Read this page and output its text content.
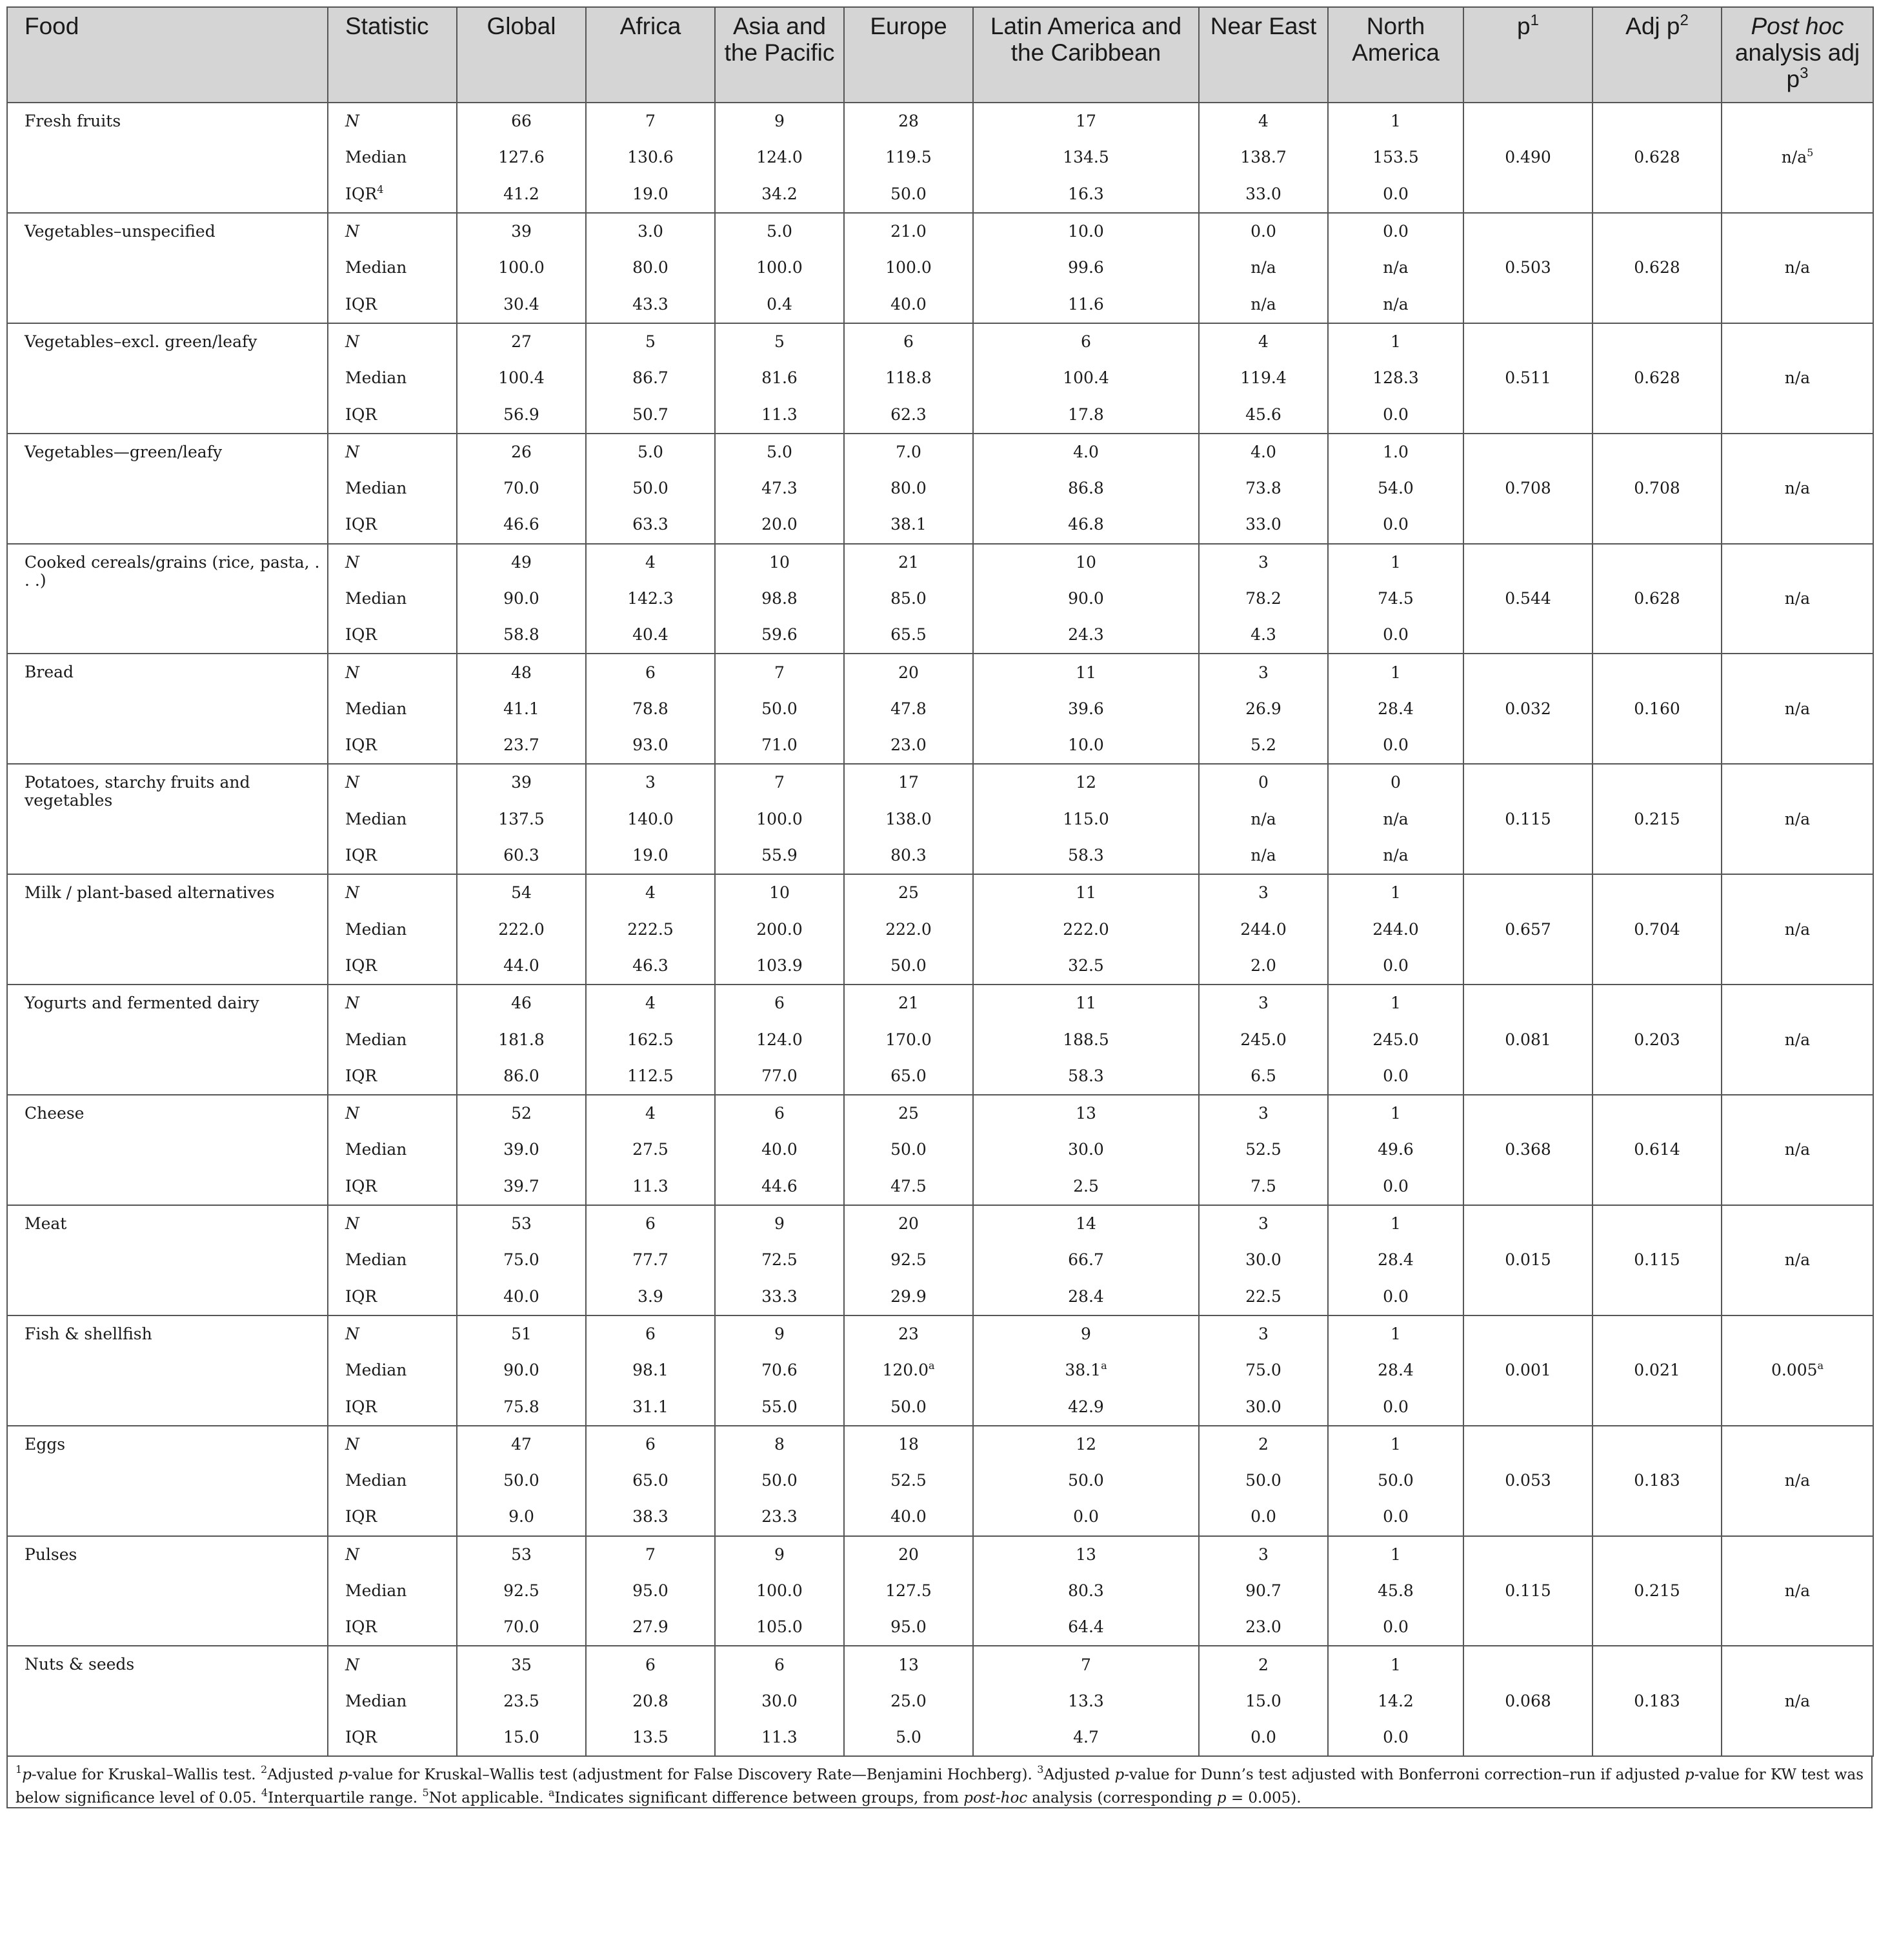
Food	Statistic	Global	Africa	Asia and the Pacific	Europe	Latin America and the Caribbean	Near East	North America	$p^1$	Adj $p^2$	Post hoc analysis adj $p^3$
Fresh fruits	N	66	7	9	28	17	4	1			
	Median	127.6	130.6	124.0	119.5	134.5	138.7	153.5	0.490	0.628	$n/a^5$
	IQR$^4$	41.2	19.0	34.2	50.0	16.3	33.0	0.0			
Vegetables–unspecified	N	39	3.0	5.0	21.0	10.0	0.0	0.0			
	Median	100.0	80.0	100.0	100.0	99.6	n/a	n/a	0.503	0.628	n/a
	IQR	30.4	43.3	0.4	40.0	11.6	n/a	n/a			
Vegetables–excl. green/leafy	N	27	5	5	6	6	4	1			
	Median	100.4	86.7	81.6	118.8	100.4	119.4	128.3	0.511	0.628	n/a
	IQR	56.9	50.7	11.3	62.3	17.8	45.6	0.0			
Vegetables—green/leafy	N	26	5.0	5.0	7.0	4.0	4.0	1.0			
	Median	70.0	50.0	47.3	80.0	86.8	73.8	54.0	0.708	0.708	n/a
	IQR	46.6	63.3	20.0	38.1	46.8	33.0	0.0			
Cooked cereals/grains (rice, pasta, . . .)	N	49	4	10	21	10	3	1			
	Median	90.0	142.3	98.8	85.0	90.0	78.2	74.5	0.544	0.628	n/a
	IQR	58.8	40.4	59.6	65.5	24.3	4.3	0.0			
Bread	N	48	6	7	20	11	3	1			
	Median	41.1	78.8	50.0	47.8	39.6	26.9	28.4	0.032	0.160	n/a
	IQR	23.7	93.0	71.0	23.0	10.0	5.2	0.0			
Potatoes, starchy fruits and vegetables	N	39	3	7	17	12	0	0			
	Median	137.5	140.0	100.0	138.0	115.0	n/a	n/a	0.115	0.215	n/a
	IQR	60.3	19.0	55.9	80.3	58.3	n/a	n/a			
Milk / plant-based alternatives	N	54	4	10	25	11	3	1			
	Median	222.0	222.5	200.0	222.0	222.0	244.0	244.0	0.657	0.704	n/a
	IQR	44.0	46.3	103.9	50.0	32.5	2.0	0.0			
Yogurts and fermented dairy	N	46	4	6	21	11	3	1			
	Median	181.8	162.5	124.0	170.0	188.5	245.0	245.0	0.081	0.203	n/a
	IQR	86.0	112.5	77.0	65.0	58.3	6.5	0.0			
Cheese	N	52	4	6	25	13	3	1			
	Median	39.0	27.5	40.0	50.0	30.0	52.5	49.6	0.368	0.614	n/a
	IQR	39.7	11.3	44.6	47.5	2.5	7.5	0.0			
Meat	N	53	6	9	20	14	3	1			
	Median	75.0	77.7	72.5	92.5	66.7	30.0	28.4	0.015	0.115	n/a
	IQR	40.0	3.9	33.3	29.9	28.4	22.5	0.0			
Fish & shellfish	N	51	6	9	23	9	3	1			
	Median	90.0	98.1	70.6	120.0$^a$	38.1$^a$	75.0	28.4	0.001	0.021	0.005$^a$
	IQR	75.8	31.1	55.0	50.0	42.9	30.0	0.0			
Eggs	N	47	6	8	18	12	2	1			
	Median	50.0	65.0	50.0	52.5	50.0	50.0	50.0	0.053	0.183	n/a
	IQR	9.0	38.3	23.3	40.0	0.0	0.0	0.0			
Pulses	N	53	7	9	20	13	3	1			
	Median	92.5	95.0	100.0	127.5	80.3	90.7	45.8	0.115	0.215	n/a
	IQR	70.0	27.9	105.0	95.0	64.4	23.0	0.0			
Nuts & seeds	N	35	6	6	13	7	2	1			
	Median	23.5	20.8	30.0	25.0	13.3	15.0	14.2	0.068	0.183	n/a
	IQR	15.0	13.5	11.3	5.0	4.7	0.0	0.0			
$^1$p-value for Kruskal–Wallis test. $^2$Adjusted p-value for Kruskal–Wallis test (adjustment for False Discovery Rate—Benjamini Hochberg). $^3$Adjusted p-value for Dunn’s test adjusted with Bonferroni correction–run if adjusted p-value for KW test was below significance level of 0.05. $^4$Interquartile range. $^5$Not applicable. $^a$Indicates significant difference between groups, from post-hoc analysis (corresponding p = 0.005).
